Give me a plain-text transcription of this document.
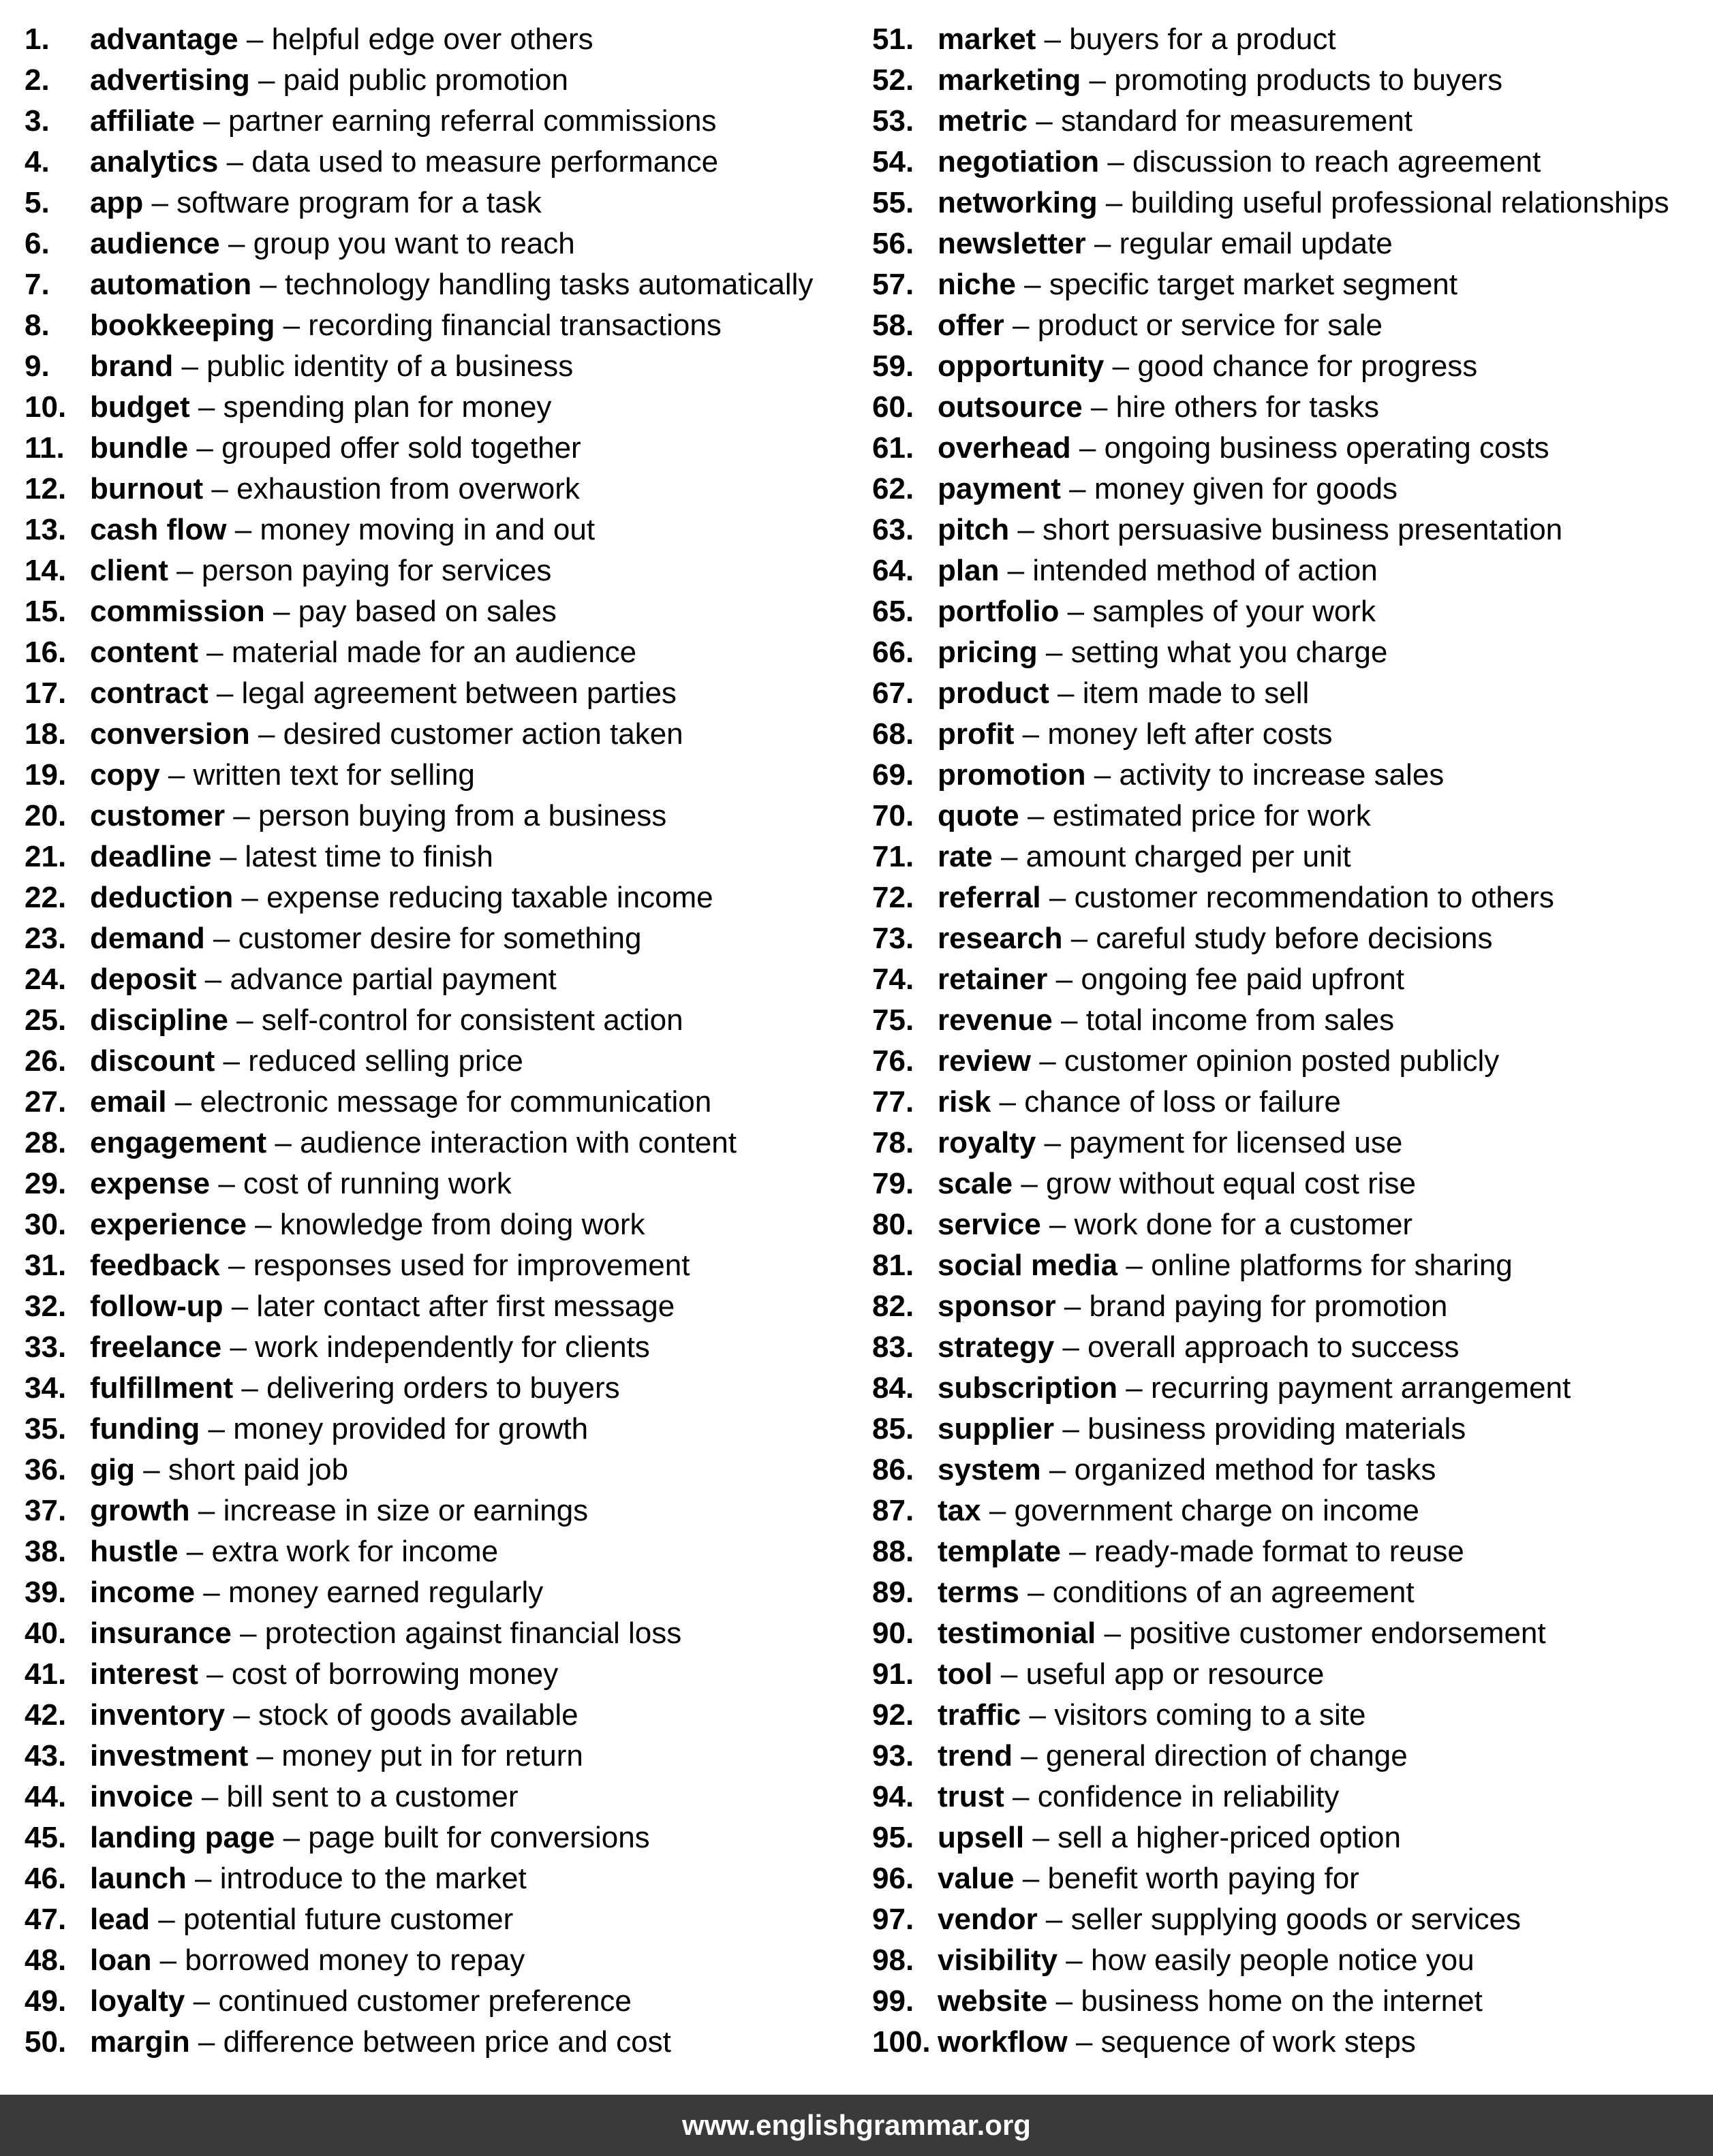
1.	advantage – helpful edge over others
2.	advertising – paid public promotion
3.	affiliate – partner earning referral commissions
4.	analytics – data used to measure performance
5.	app – software program for a task
6.	audience – group you want to reach
7.	automation – technology handling tasks automatically
8.	bookkeeping – recording financial transactions
9.	brand – public identity of a business
10. budget – spending plan for money
11. bundle – grouped offer sold together
12. burnout – exhaustion from overwork
13. cash flow – money moving in and out
14. client – person paying for services
15. commission – pay based on sales
16. content – material made for an audience
17. contract – legal agreement between parties
18. conversion – desired customer action taken
19. copy – written text for selling
20. customer – person buying from a business
21. deadline – latest time to finish
22. deduction – expense reducing taxable income
23. demand – customer desire for something
24. deposit – advance partial payment
25. discipline – self-control for consistent action
26. discount – reduced selling price
27. email – electronic message for communication
28. engagement – audience interaction with content
29. expense – cost of running work
30. experience – knowledge from doing work
31. feedback – responses used for improvement
32. follow-up – later contact after first message
33. freelance – work independently for clients
34. fulfillment – delivering orders to buyers
35. funding – money provided for growth
36. gig – short paid job
37. growth – increase in size or earnings
38. hustle – extra work for income
39. income – money earned regularly
40. insurance – protection against financial loss
41. interest – cost of borrowing money
42. inventory – stock of goods available
43. investment – money put in for return
44. invoice – bill sent to a customer
45. landing page – page built for conversions
46. launch – introduce to the market
47. lead – potential future customer
48. loan – borrowed money to repay
49. loyalty – continued customer preference
50. margin – difference between price and cost
51. market – buyers for a product
52. marketing – promoting products to buyers
53. metric – standard for measurement
54. negotiation – discussion to reach agreement
55. networking – building useful professional relationships
56. newsletter – regular email update
57. niche – specific target market segment
58. offer – product or service for sale
59. opportunity – good chance for progress
60. outsource – hire others for tasks
61. overhead – ongoing business operating costs
62. payment – money given for goods
63. pitch – short persuasive business presentation
64. plan – intended method of action
65. portfolio – samples of your work
66. pricing – setting what you charge
67. product – item made to sell
68. profit – money left after costs
69. promotion – activity to increase sales
70. quote – estimated price for work
71. rate – amount charged per unit
72. referral – customer recommendation to others
73. research – careful study before decisions
74. retainer – ongoing fee paid upfront
75. revenue – total income from sales
76. review – customer opinion posted publicly
77. risk – chance of loss or failure
78. royalty – payment for licensed use
79. scale – grow without equal cost rise
80. service – work done for a customer
81. social media – online platforms for sharing
82. sponsor – brand paying for promotion
83. strategy – overall approach to success
84. subscription – recurring payment arrangement
85. supplier – business providing materials
86. system – organized method for tasks
87. tax – government charge on income
88. template – ready-made format to reuse
89. terms – conditions of an agreement
90. testimonial – positive customer endorsement
91. tool – useful app or resource
92. traffic – visitors coming to a site
93. trend – general direction of change
94. trust – confidence in reliability
95. upsell – sell a higher-priced option
96. value – benefit worth paying for
97. vendor – seller supplying goods or services
98. visibility – how easily people notice you
99. website – business home on the internet
100. workflow – sequence of work steps
www.englishgrammar.org
